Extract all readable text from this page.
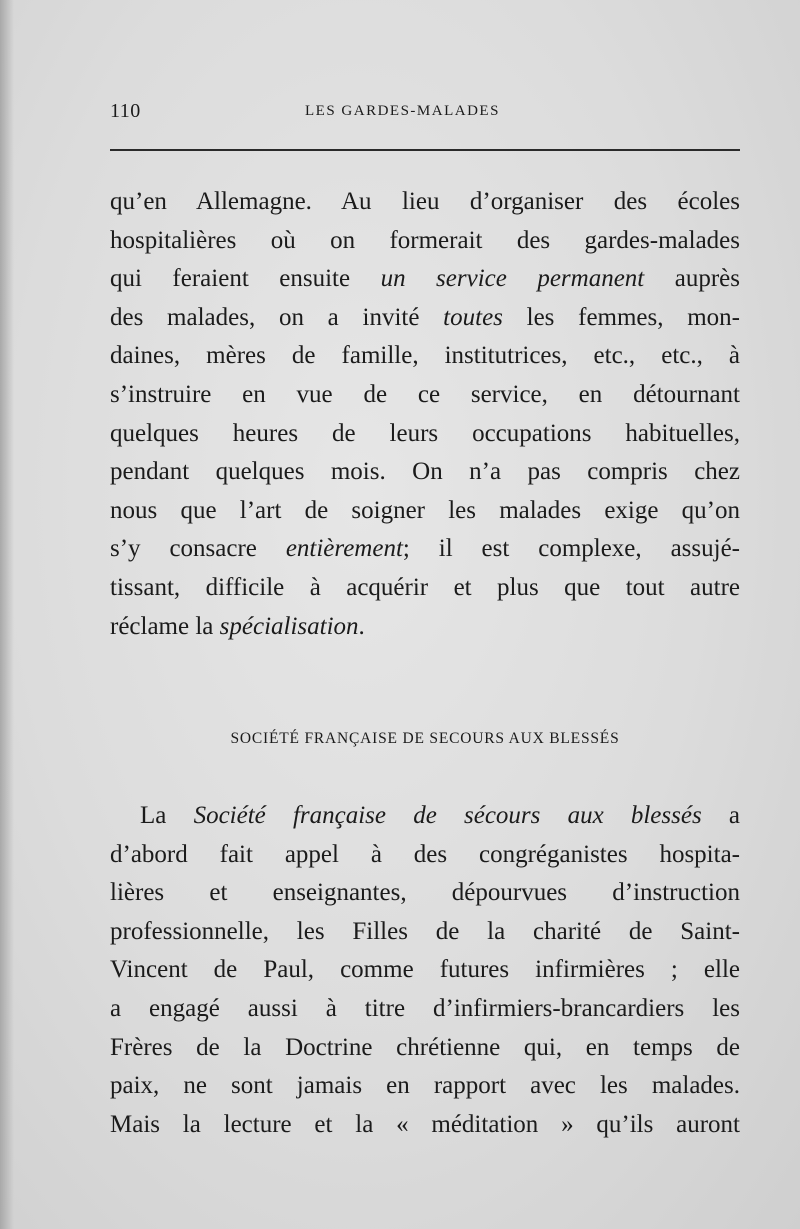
110	LES GARDES-MALADES
qu’en Allemagne. Au lieu d’organiser des écoles
hospitalières où on formerait des gardes-malades
qui feraient ensuite un service permanent auprès
des malades, on a invité toutes les femmes, mon-
daines, mères de famille, institutrices, etc., etc., à
s’instruire en vue de ce service, en détournant
quelques heures de leurs occupations habituelles,
pendant quelques mois. On n’a pas compris chez
nous que l’art de soigner les malades exige qu’on
s’y consacre entièrement; il est complexe, assujé-
tissant, difficile à acquérir et plus que tout autre
réclame la spécialisation.
SOCIÉTÉ FRANÇAISE DE SECOURS AUX BLESSÉS
La Société française de sécours aux blessés a
d’abord fait appel à des congréganistes hospita-
lières et enseignantes, dépourvues d’instruction
professionnelle, les Filles de la charité de Saint-
Vincent de Paul, comme futures infirmières ; elle
a engagé aussi à titre d’infirmiers-brancardiers les
Frères de la Doctrine chrétienne qui, en temps de
paix, ne sont jamais en rapport avec les malades.
Mais la lecture et la « méditation » qu’ils auront
